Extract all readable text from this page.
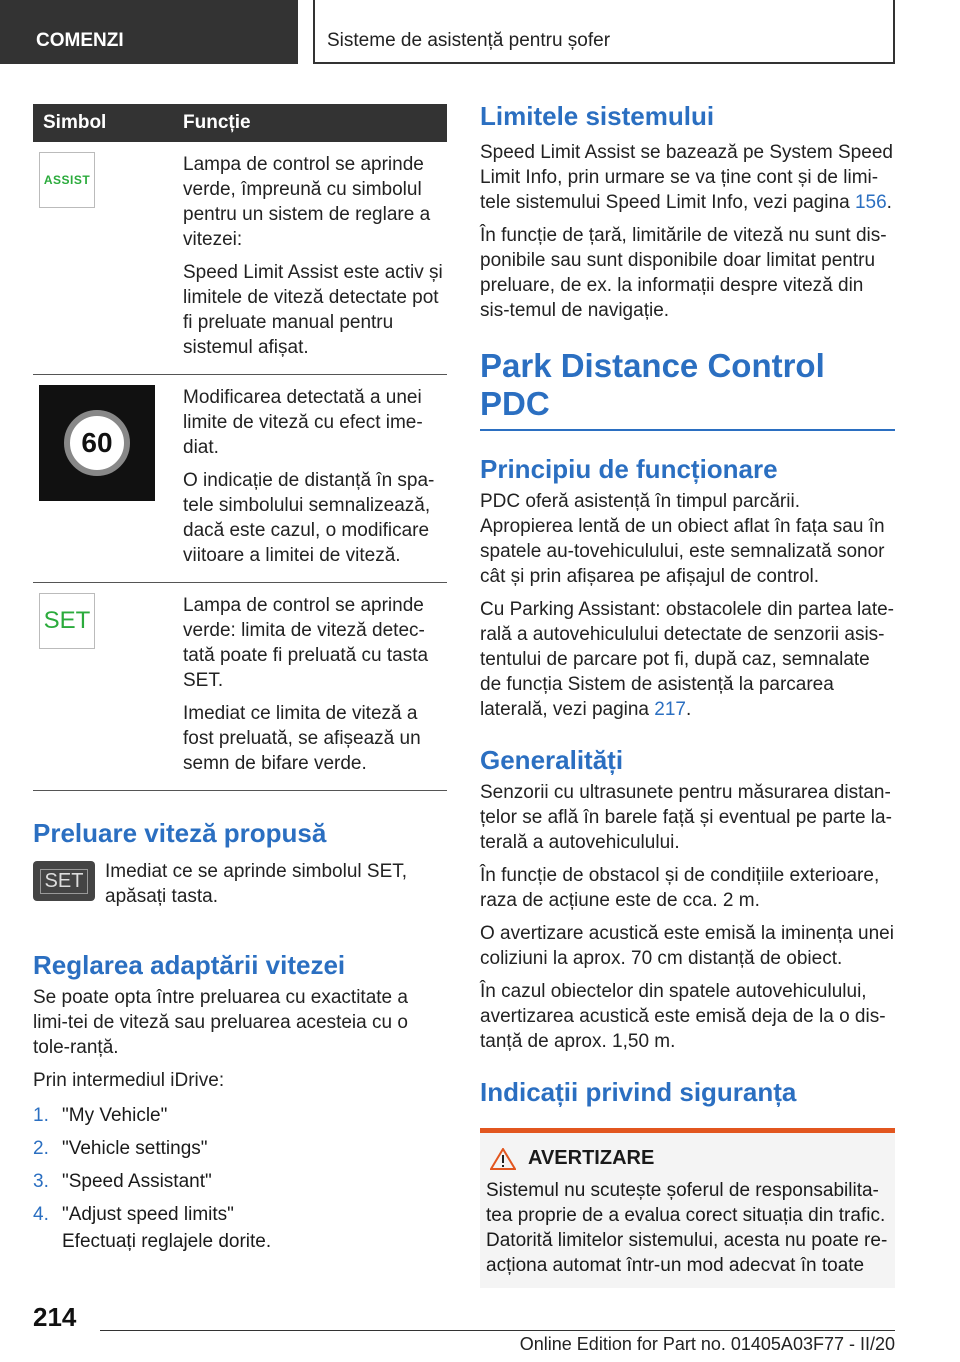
COMENZI	Sisteme de asistență pentru șofer
Simbol	Funcție

ASSIST	Lampa de control se aprinde verde, împreună cu simbolul pentru un sistem de reglare a vitezei:

Speed Limit Assist este activ și limitele de viteză detectate pot fi preluate manual pentru sistemul afișat.

60	Modificarea detectată a unei limite de viteză cu efect ime-diat.

O indicație de distanță în spa-tele simbolului semnalizează, dacă este cazul, o modificare viitoare a limitei de viteză.

SET	Lampa de control se aprinde verde: limita de viteză detec-tată poate fi preluată cu tasta SET.

Imediat ce limita de viteză a fost preluată, se afișează un semn de bifare verde.

Preluare viteză propusă
SET Imediat ce se aprinde simbolul SET, apăsați tasta.

Reglarea adaptării vitezei

Se poate opta între preluarea cu exactitate a limi-tei de viteză sau preluarea acesteia cu o tole-ranță.

Prin intermediul iDrive:

1. "My Vehicle"
2. "Vehicle settings"
3. "Speed Assistant"
4. "Adjust speed limits"

Efectuați reglajele dorite.

Limitele sistemului

Speed Limit Assist se bazează pe System Speed Limit Info, prin urmare se va ține cont și de limi-tele sistemului Speed Limit Info, vezi pagina 156.

În funcție de țară, limitările de viteză nu sunt dis-ponibile sau sunt disponibile doar limitat pentru preluare, de ex. la informații despre viteză din sis-temul de navigație.

Park Distance Control PDC
Principiu de funcționare

PDC oferă asistență în timpul parcării. Apropierea lentă de un obiect aflat în fața sau în spatele au-tovehiculului, este semnalizată sonor cât și prin afișarea pe afișajul de control.

Cu Parking Assistant: obstacolele din partea late-rală a autovehiculului detectate de senzorii asis-tentului de parcare pot fi, după caz, semnalate de funcția Sistem de asistență la parcarea laterală, vezi pagina 217.

Generalități

Senzorii cu ultrasunete pentru măsurarea distan-țelor se află în barele față și eventual pe parte la-terală a autovehiculului.

În funcție de obstacol și de condițiile exterioare, raza de acțiune este de cca. 2 m.

O avertizare acustică este emisă la iminența unei coliziuni la aprox. 70 cm distanță de obiect.

În cazul obiectelor din spatele autovehiculului, avertizarea acustică este emisă deja de la o dis-tanță de aprox. 1,50 m.

Indicații privind siguranța
AVERTIZARE

Sistemul nu scutește șoferul de responsabilita-tea proprie de a evalua corect situația din trafic. Datorită limitelor sistemului, acesta nu poate re-acționa automat într-un mod adecvat în toate

214
Online Edition for Part no. 01405A03F77 - II/20
